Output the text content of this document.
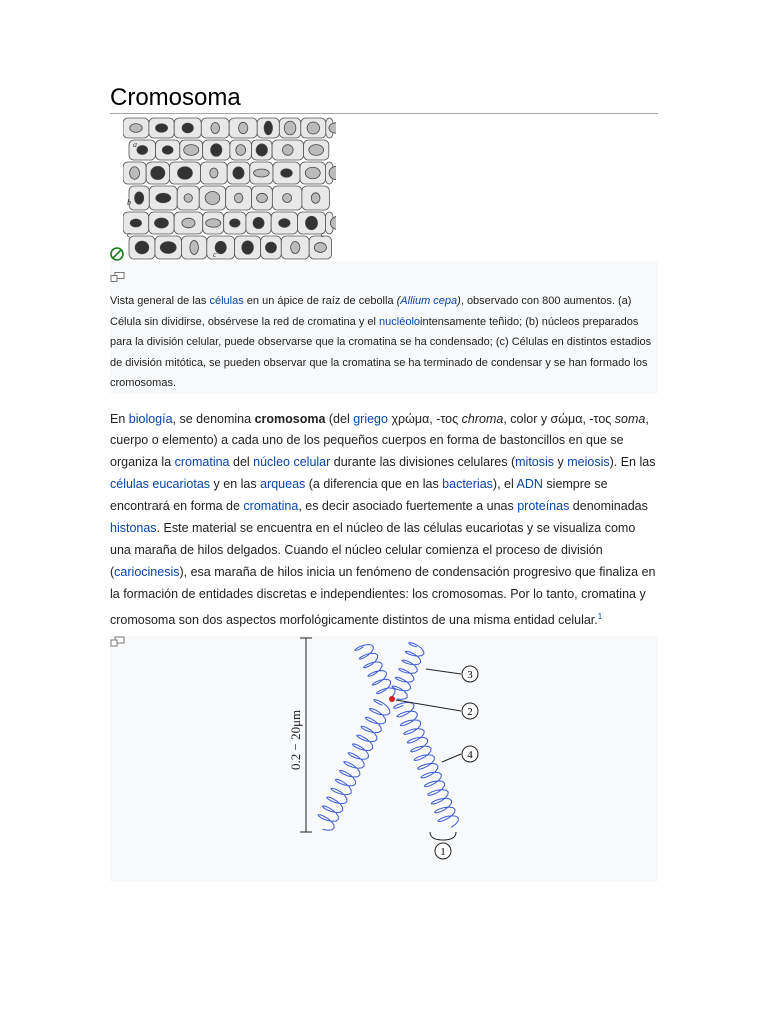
Cromosoma
a
b
c
c
c

Vista general de las células en un ápice de raíz de cebolla (Allium cepa), observado con 800 aumentos. (a) Célula sin dividirse, obsérvese la red de cromatina y el nucléolointensamente teñido; (b) núcleos preparados para la división celular, puede observarse que la cromatina se ha condensado; (c) Células en distintos estadios de división mitótica, se pueden observar que la cromatina se ha terminado de condensar y se han formado los cromosomas.

En biología, se denomina cromosoma (del griego χρώμα, -τος chroma, color y σώμα, -τος soma, cuerpo o elemento) a cada uno de los pequeños cuerpos en forma de bastoncillos en que se organiza la cromatina del núcleo celular durante las divisiones celulares (mitosis y meiosis). En las células eucariotas y en las arqueas (a diferencia que en las bacterias), el ADN siempre se encontrará en forma de cromatina, es decir asociado fuertemente a unas proteínas denominadas histonas. Este material se encuentra en el núcleo de las células eucariotas y se visualiza como una maraña de hilos delgados. Cuando el núcleo celular comienza el proceso de división (cariocinesis), esa maraña de hilos inicia un fenómeno de condensación progresivo que finaliza en la formación de entidades discretas e independientes: los cromosomas. Por lo tanto, cromatina y cromosoma son dos aspectos morfológicamente distintos de una misma entidad celular.$^1$

0.2 − 20μm
3
2
4
1
